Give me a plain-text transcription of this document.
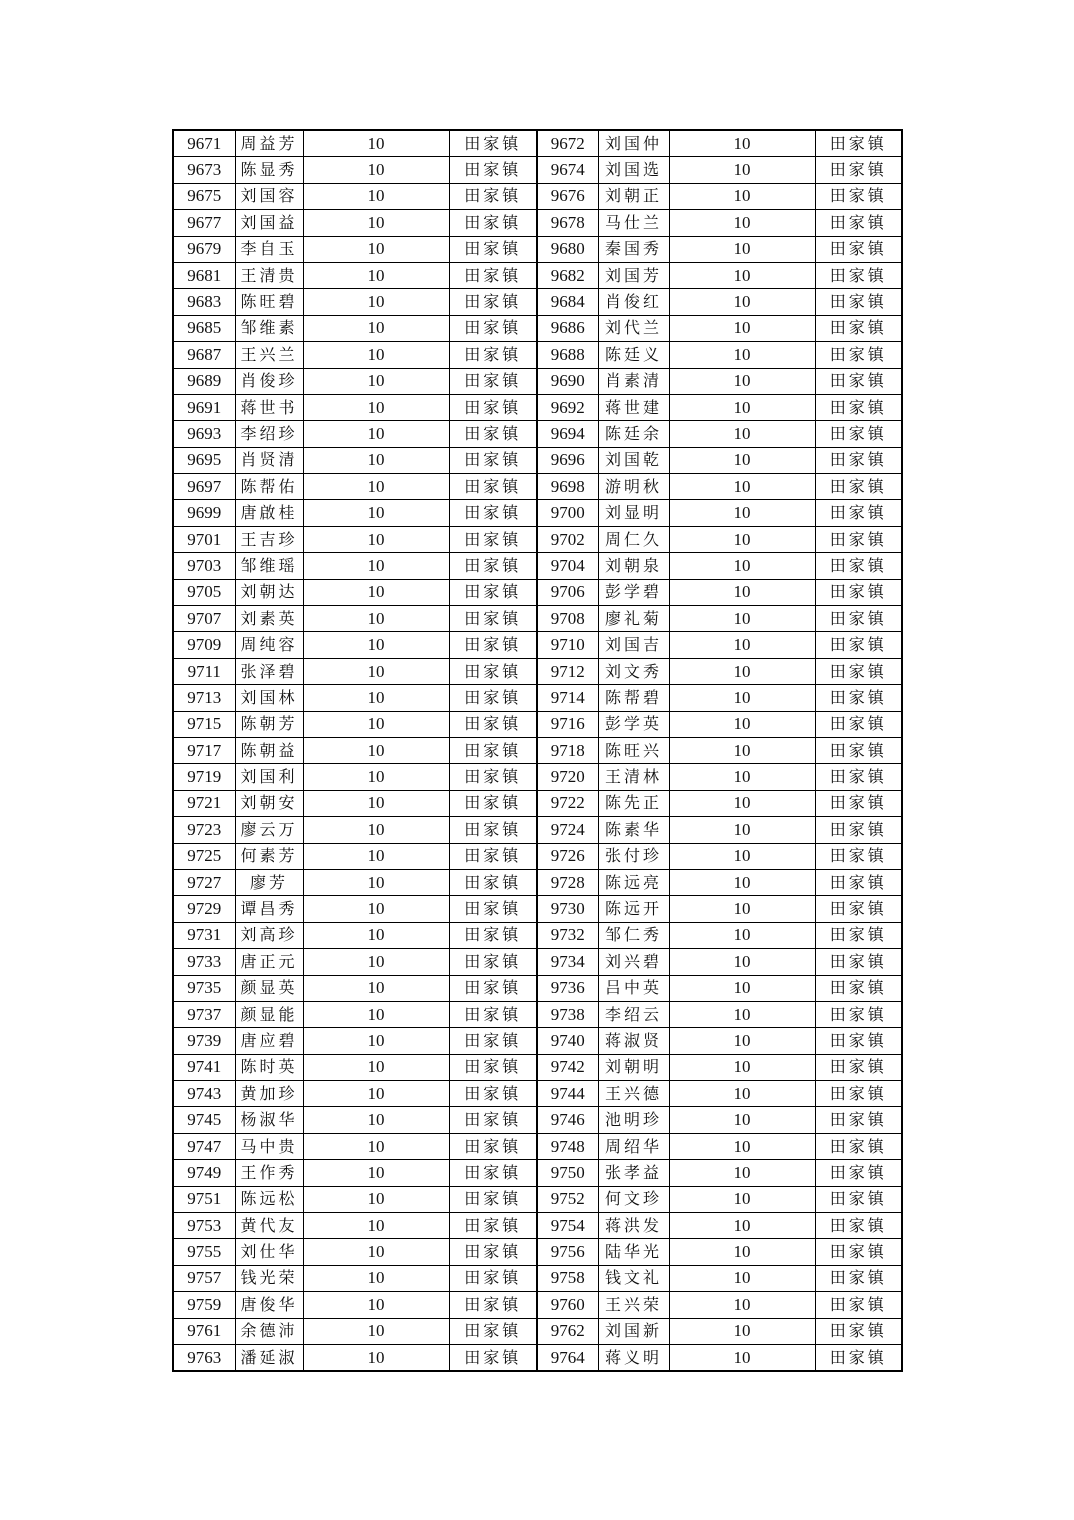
9671	周益芳	10	田家镇	9672	刘国仲	10	田家镇
9673	陈显秀	10	田家镇	9674	刘国选	10	田家镇
9675	刘国容	10	田家镇	9676	刘朝正	10	田家镇
9677	刘国益	10	田家镇	9678	马仕兰	10	田家镇
9679	李自玉	10	田家镇	9680	秦国秀	10	田家镇
9681	王清贵	10	田家镇	9682	刘国芳	10	田家镇
9683	陈旺碧	10	田家镇	9684	肖俊红	10	田家镇
9685	邹维素	10	田家镇	9686	刘代兰	10	田家镇
9687	王兴兰	10	田家镇	9688	陈廷义	10	田家镇
9689	肖俊珍	10	田家镇	9690	肖素清	10	田家镇
9691	蒋世书	10	田家镇	9692	蒋世建	10	田家镇
9693	李绍珍	10	田家镇	9694	陈廷余	10	田家镇
9695	肖贤清	10	田家镇	9696	刘国乾	10	田家镇
9697	陈帮佑	10	田家镇	9698	游明秋	10	田家镇
9699	唐啟桂	10	田家镇	9700	刘显明	10	田家镇
9701	王吉珍	10	田家镇	9702	周仁久	10	田家镇
9703	邹维瑶	10	田家镇	9704	刘朝泉	10	田家镇
9705	刘朝达	10	田家镇	9706	彭学碧	10	田家镇
9707	刘素英	10	田家镇	9708	廖礼菊	10	田家镇
9709	周纯容	10	田家镇	9710	刘国吉	10	田家镇
9711	张泽碧	10	田家镇	9712	刘文秀	10	田家镇
9713	刘国林	10	田家镇	9714	陈帮碧	10	田家镇
9715	陈朝芳	10	田家镇	9716	彭学英	10	田家镇
9717	陈朝益	10	田家镇	9718	陈旺兴	10	田家镇
9719	刘国利	10	田家镇	9720	王清林	10	田家镇
9721	刘朝安	10	田家镇	9722	陈先正	10	田家镇
9723	廖云万	10	田家镇	9724	陈素华	10	田家镇
9725	何素芳	10	田家镇	9726	张付珍	10	田家镇
9727	廖芳	10	田家镇	9728	陈远亮	10	田家镇
9729	谭昌秀	10	田家镇	9730	陈远开	10	田家镇
9731	刘高珍	10	田家镇	9732	邹仁秀	10	田家镇
9733	唐正元	10	田家镇	9734	刘兴碧	10	田家镇
9735	颜显英	10	田家镇	9736	吕中英	10	田家镇
9737	颜显能	10	田家镇	9738	李绍云	10	田家镇
9739	唐应碧	10	田家镇	9740	蒋淑贤	10	田家镇
9741	陈时英	10	田家镇	9742	刘朝明	10	田家镇
9743	黄加珍	10	田家镇	9744	王兴德	10	田家镇
9745	杨淑华	10	田家镇	9746	池明珍	10	田家镇
9747	马中贵	10	田家镇	9748	周绍华	10	田家镇
9749	王作秀	10	田家镇	9750	张孝益	10	田家镇
9751	陈远松	10	田家镇	9752	何文珍	10	田家镇
9753	黄代友	10	田家镇	9754	蒋洪发	10	田家镇
9755	刘仕华	10	田家镇	9756	陆华光	10	田家镇
9757	钱光荣	10	田家镇	9758	钱文礼	10	田家镇
9759	唐俊华	10	田家镇	9760	王兴荣	10	田家镇
9761	余德沛	10	田家镇	9762	刘国新	10	田家镇
9763	潘延淑	10	田家镇	9764	蒋义明	10	田家镇
